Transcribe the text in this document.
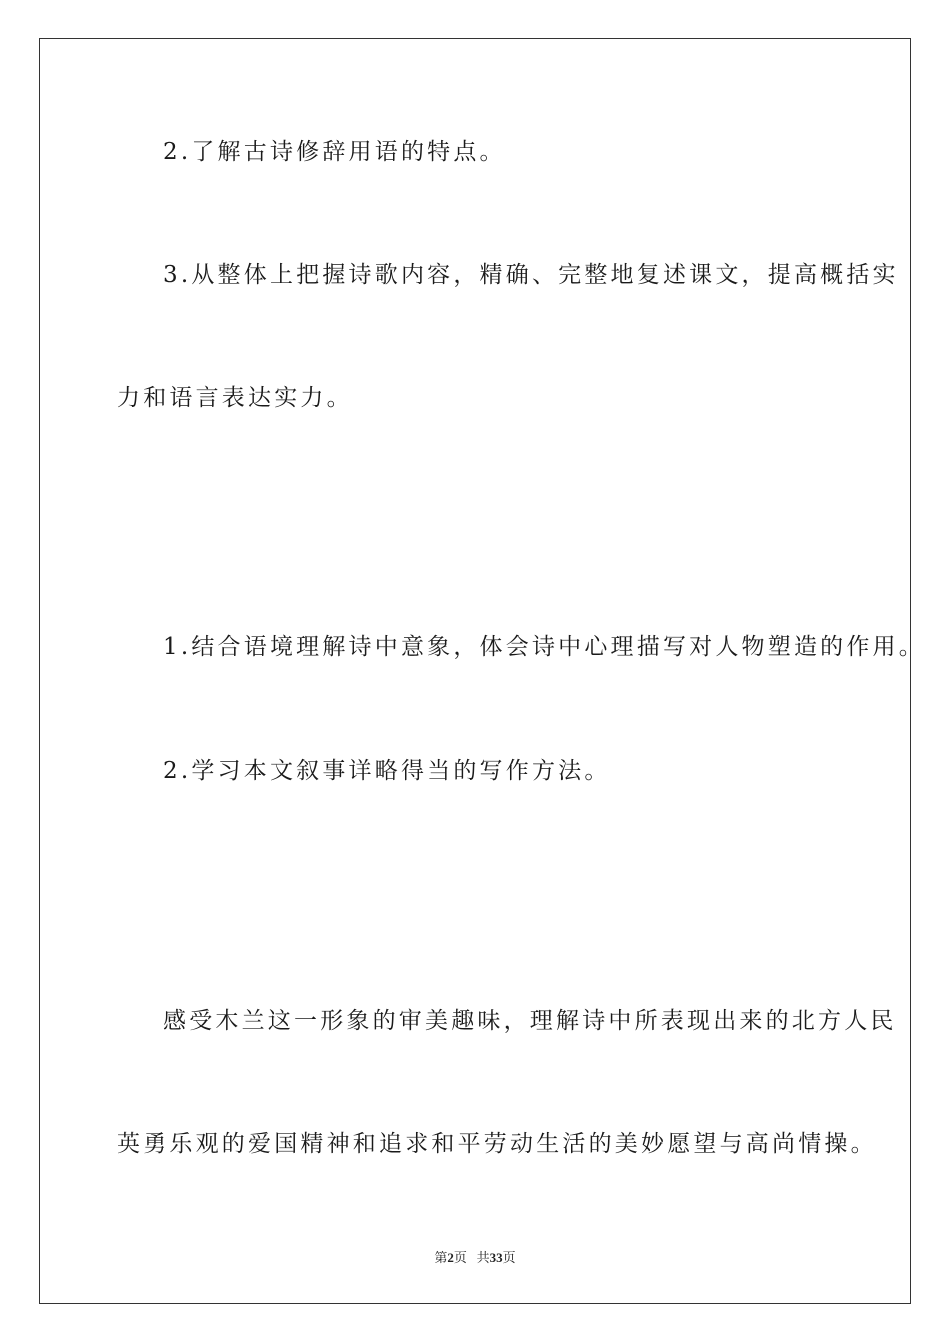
2.了解古诗修辞用语的特点。
3.从整体上把握诗歌内容，精确、完整地复述课文，提高概括实
力和语言表达实力。
1.结合语境理解诗中意象，体会诗中心理描写对人物塑造的作用。
2.学习本文叙事详略得当的写作方法。
感受木兰这一形象的审美趣味，理解诗中所表现出来的北方人民
英勇乐观的爱国精神和追求和平劳动生活的美妙愿望与高尚情操。
第2页 共33页
